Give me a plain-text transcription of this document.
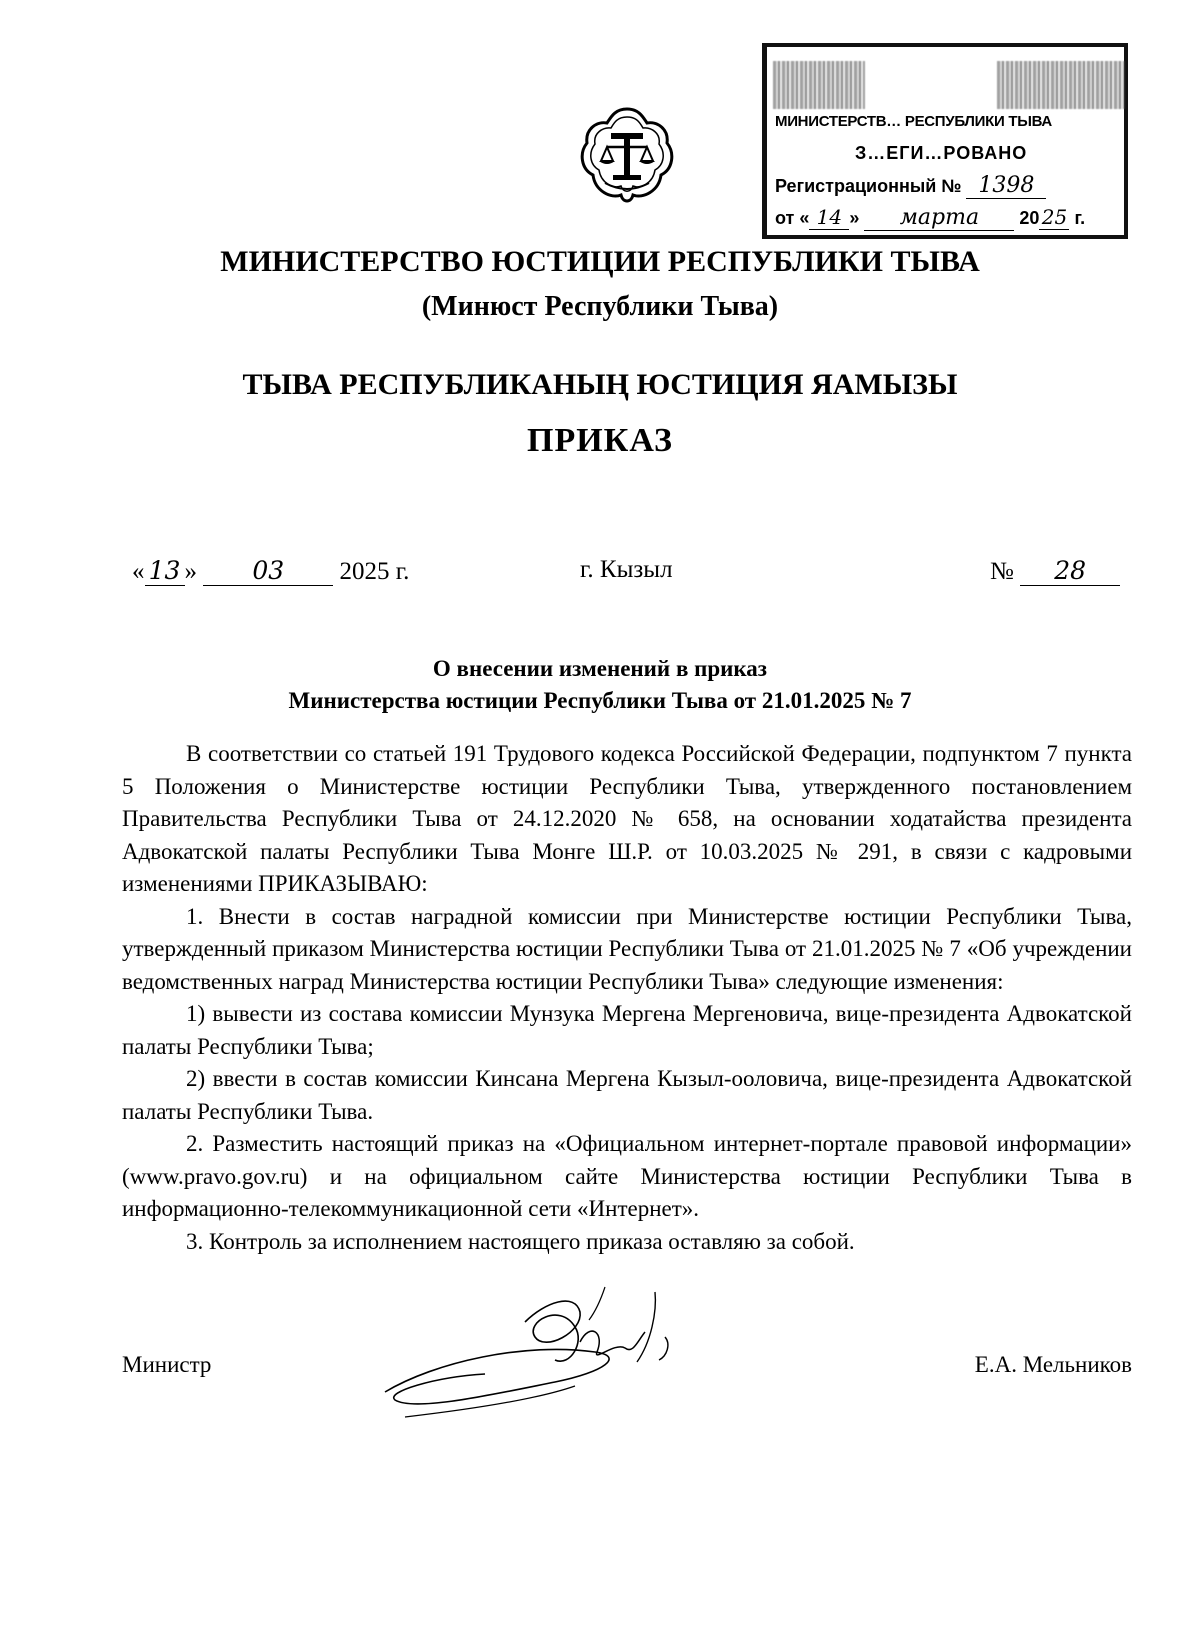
МИНИСТЕРСТВ… РЕСПУБЛИКИ ТЫВА
З…ЕГИ…РОВАНО
Регистрационный № 1398
от « 14 » марта 20 25 г.
МИНИСТЕРСТВО ЮСТИЦИИ РЕСПУБЛИКИ ТЫВА
(Минюст Республики Тыва)
ТЫВА РЕСПУБЛИКАНЫҢ ЮСТИЦИЯ ЯАМЫЗЫ
ПРИКАЗ
« 13 » 03 2025 г.	г. Кызыл	№ 28
О внесении изменений в приказ
Министерства юстиции Республики Тыва от 21.01.2025 № 7

В соответствии со статьей 191 Трудового кодекса Российской Федерации, подпунктом 7 пункта 5 Положения о Министерстве юстиции Республики Тыва, утвержденного постановлением Правительства Республики Тыва от 24.12.2020 № 658, на основании ходатайства президента Адвокатской палаты Республики Тыва Монге Ш.Р. от 10.03.2025 № 291, в связи с кадровыми изменениями ПРИКАЗЫВАЮ:

1. Внести в состав наградной комиссии при Министерстве юстиции Республики Тыва, утвержденный приказом Министерства юстиции Республики Тыва от 21.01.2025 № 7 «Об учреждении ведомственных наград Министерства юстиции Республики Тыва» следующие изменения:

1) вывести из состава комиссии Мунзука Мергена Мергеновича, вице-президента Адвокатской палаты Республики Тыва;

2) ввести в состав комиссии Кинсана Мергена Кызыл-ооловича, вице-президента Адвокатской палаты Республики Тыва.

2. Разместить настоящий приказ на «Официальном интернет-портале правовой информации» (www.pravo.gov.ru) и на официальном сайте Министерства юстиции Республики Тыва в информационно-телекоммуникационной сети «Интернет».

3. Контроль за исполнением настоящего приказа оставляю за собой.

Министр	Е.А. Мельников
